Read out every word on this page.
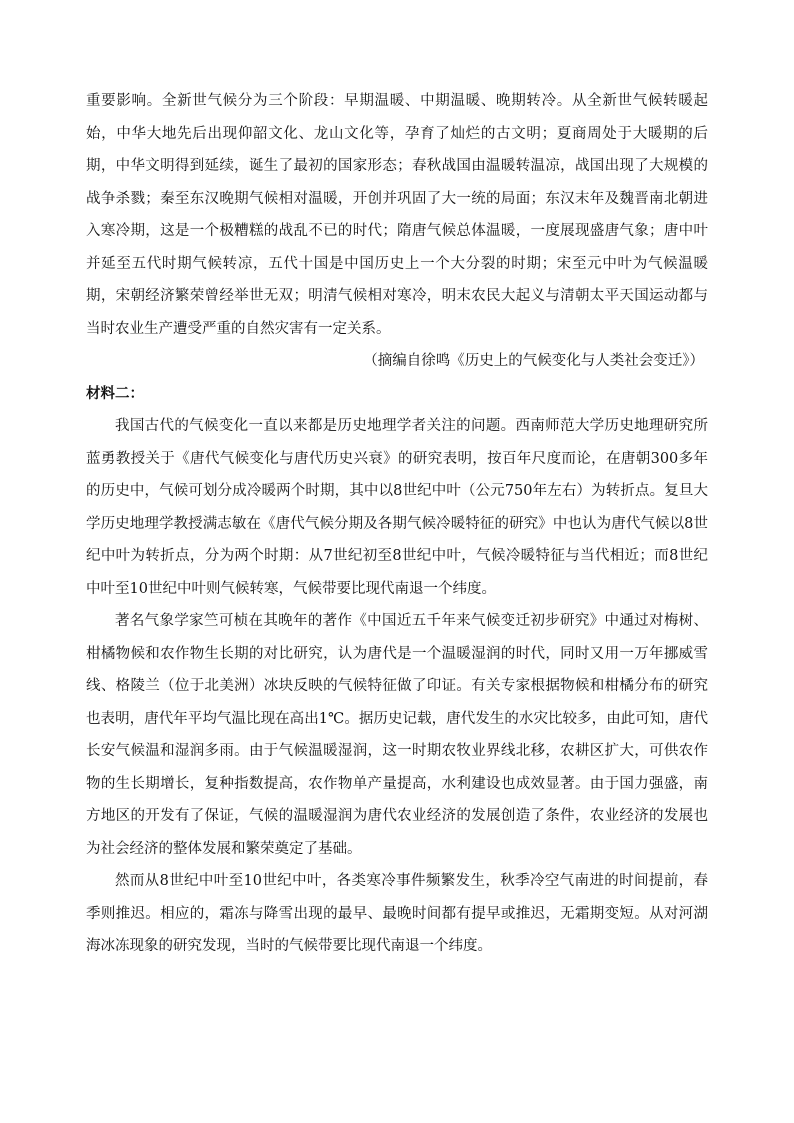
重要影响。全新世气候分为三个阶段：早期温暖、中期温暖、晚期转冷。从全新世气候转暖起始，中华大地先后出现仰韶文化、龙山文化等，孕育了灿烂的古文明；夏商周处于大暖期的后期，中华文明得到延续，诞生了最初的国家形态；春秋战国由温暖转温凉，战国出现了大规模的战争杀戮；秦至东汉晚期气候相对温暖，开创并巩固了大一统的局面；东汉末年及魏晋南北朝进入寒冷期，这是一个极糟糕的战乱不已的时代；隋唐气候总体温暖，一度展现盛唐气象；唐中叶并延至五代时期气候转凉，五代十国是中国历史上一个大分裂的时期；宋至元中叶为气候温暖期，宋朝经济繁荣曾经举世无双；明清气候相对寒冷，明末农民大起义与清朝太平天国运动都与当时农业生产遭受严重的自然灾害有一定关系。

（摘编自徐鸣《历史上的气候变化与人类社会变迁》）

材料二：

我国古代的气候变化一直以来都是历史地理学者关注的问题。西南师范大学历史地理研究所蓝勇教授关于《唐代气候变化与唐代历史兴衰》的研究表明，按百年尺度而论，在唐朝300多年的历史中，气候可划分成冷暖两个时期，其中以8世纪中叶（公元750年左右）为转折点。复旦大学历史地理学教授满志敏在《唐代气候分期及各期气候冷暖特征的研究》中也认为唐代气候以8世纪中叶为转折点，分为两个时期：从7世纪初至8世纪中叶，气候冷暖特征与当代相近；而8世纪中叶至10世纪中叶则气候转寒，气候带要比现代南退一个纬度。

著名气象学家竺可桢在其晚年的著作《中国近五千年来气候变迁初步研究》中通过对梅树、柑橘物候和农作物生长期的对比研究，认为唐代是一个温暖湿润的时代，同时又用一万年挪威雪线、格陵兰（位于北美洲）冰块反映的气候特征做了印证。有关专家根据物候和柑橘分布的研究也表明，唐代年平均气温比现在高出1℃。据历史记载，唐代发生的水灾比较多，由此可知，唐代长安气候温和湿润多雨。由于气候温暖湿润，这一时期农牧业界线北移，农耕区扩大，可供农作物的生长期增长，复种指数提高，农作物单产量提高，水利建设也成效显著。由于国力强盛，南方地区的开发有了保证，气候的温暖湿润为唐代农业经济的发展创造了条件，农业经济的发展也为社会经济的整体发展和繁荣奠定了基础。

然而从8世纪中叶至10世纪中叶，各类寒冷事件频繁发生，秋季冷空气南进的时间提前，春季则推迟。相应的，霜冻与降雪出现的最早、最晚时间都有提早或推迟，无霜期变短。从对河湖海冰冻现象的研究发现，当时的气候带要比现代南退一个纬度。
